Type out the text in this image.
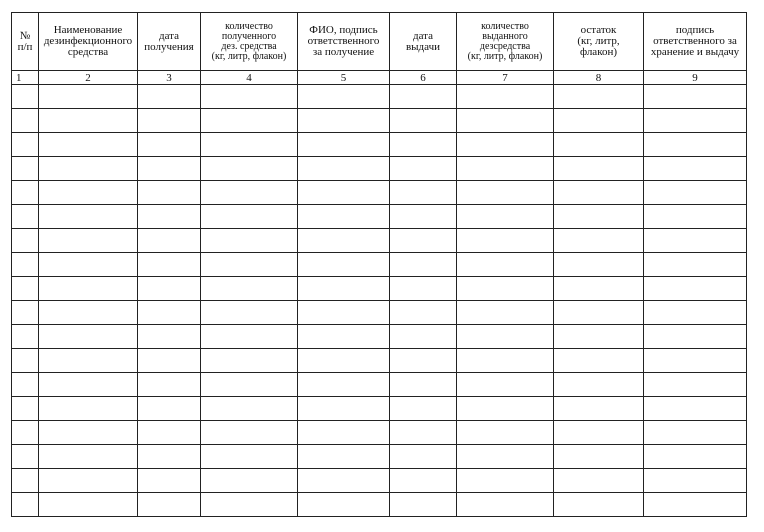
№
п/п	Наименование
дезинфекционного
средства	дата
получения	количество
полученного
дез. средства
(кг, литр, флакон)	ФИО, подпись
ответственного
за получение	дата
выдачи	количество
выданного
дезсредства
(кг, литр, флакон)	остаток
(кг, литр,
флакон)	подпись
ответственного за
хранение и выдачу
1	2	3	4	5	6	7	8	9
